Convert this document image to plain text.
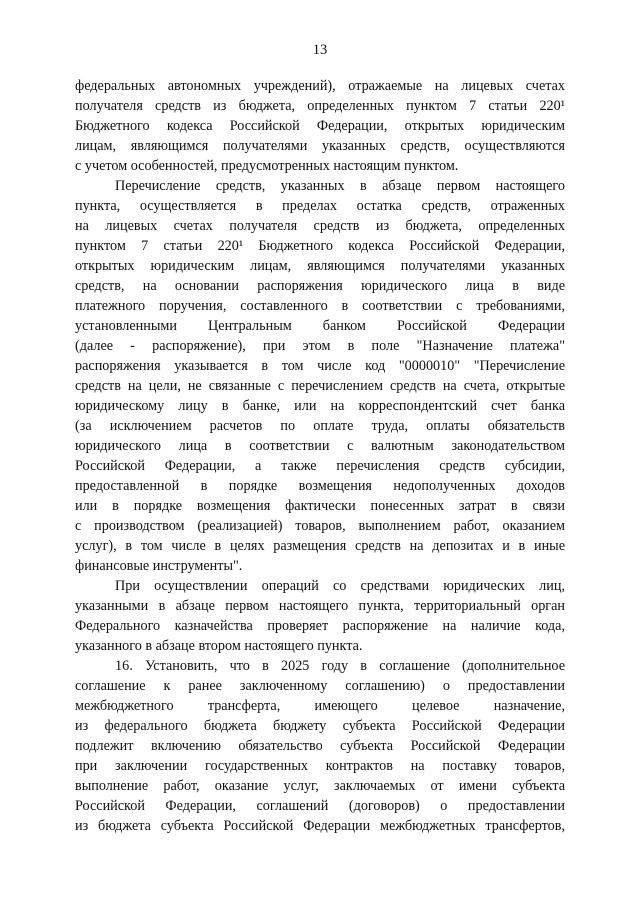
13
федеральных автономных учреждений), отражаемые на лицевых счетах
получателя средств из бюджета, определенных пунктом 7 статьи 220¹
Бюджетного кодекса Российской Федерации, открытых юридическим
лицам, являющимся получателями указанных средств, осуществляются
с учетом особенностей, предусмотренных настоящим пунктом.
Перечисление средств, указанных в абзаце первом настоящего
пункта, осуществляется в пределах остатка средств, отраженных
на лицевых счетах получателя средств из бюджета, определенных
пунктом 7 статьи 220¹ Бюджетного кодекса Российской Федерации,
открытых юридическим лицам, являющимся получателями указанных
средств, на основании распоряжения юридического лица в виде
платежного поручения, составленного в соответствии с требованиями,
установленными Центральным банком Российской Федерации
(далее - распоряжение), при этом в поле "Назначение платежа"
распоряжения указывается в том числе код "0000010" "Перечисление
средств на цели, не связанные с перечислением средств на счета, открытые
юридическому лицу в банке, или на корреспондентский счет банка
(за исключением расчетов по оплате труда, оплаты обязательств
юридического лица в соответствии с валютным законодательством
Российской Федерации, а также перечисления средств субсидии,
предоставленной в порядке возмещения недополученных доходов
или в порядке возмещения фактически понесенных затрат в связи
с производством (реализацией) товаров, выполнением работ, оказанием
услуг), в том числе в целях размещения средств на депозитах и в иные
финансовые инструменты".
При осуществлении операций со средствами юридических лиц,
указанными в абзаце первом настоящего пункта, территориальный орган
Федерального казначейства проверяет распоряжение на наличие кода,
указанного в абзаце втором настоящего пункта.
16. Установить, что в 2025 году в соглашение (дополнительное
соглашение к ранее заключенному соглашению) о предоставлении
межбюджетного трансферта, имеющего целевое назначение,
из федерального бюджета бюджету субъекта Российской Федерации
подлежит включению обязательство субъекта Российской Федерации
при заключении государственных контрактов на поставку товаров,
выполнение работ, оказание услуг, заключаемых от имени субъекта
Российской Федерации, соглашений (договоров) о предоставлении
из бюджета субъекта Российской Федерации межбюджетных трансфертов,
